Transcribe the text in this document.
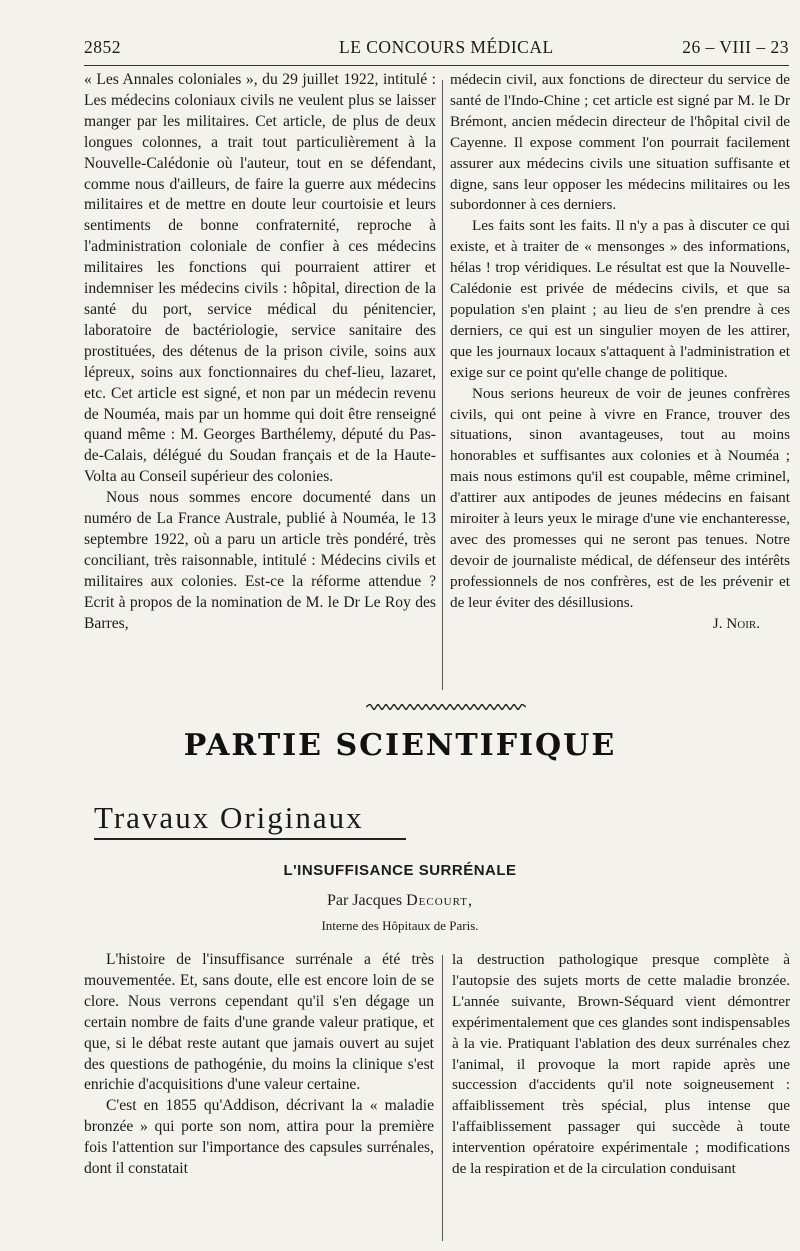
2852	LE CONCOURS MÉDICAL	26 – VIII – 23

« Les Annales coloniales », du 29 juillet 1922, intitulé : Les médecins coloniaux civils ne veulent plus se laisser manger par les militaires. Cet article, de plus de deux longues colonnes, a trait tout particulièrement à la Nouvelle-Calédonie où l'auteur, tout en se défendant, comme nous d'ailleurs, de faire la guerre aux médecins militaires et de mettre en doute leur courtoisie et leurs sentiments de bonne confraternité, reproche à l'administration coloniale de confier à ces médecins militaires les fonctions qui pourraient attirer et indemniser les médecins civils : hôpital, direction de la santé du port, service médical du pénitencier, laboratoire de bactériologie, service sanitaire des prostituées, des détenus de la prison civile, soins aux lépreux, soins aux fonctionnaires du chef-lieu, lazaret, etc. Cet article est signé, et non par un médecin revenu de Nouméa, mais par un homme qui doit être renseigné quand même : M. Georges Barthélemy, député du Pas-de-Calais, délégué du Soudan français et de la Haute-Volta au Conseil supérieur des colonies.

Nous nous sommes encore documenté dans un numéro de La France Australe, publié à Nouméa, le 13 septembre 1922, où a paru un article très pondéré, très conciliant, très raisonnable, intitulé : Médecins civils et militaires aux colonies. Est-ce la réforme attendue ? Ecrit à propos de la nomination de M. le Dr Le Roy des Barres,

médecin civil, aux fonctions de directeur du service de santé de l'Indo-Chine ; cet article est signé par M. le Dr Brémont, ancien médecin directeur de l'hôpital civil de Cayenne. Il expose comment l'on pourrait facilement assurer aux médecins civils une situation suffisante et digne, sans leur opposer les médecins militaires ou les subordonner à ces derniers.

Les faits sont les faits. Il n'y a pas à discuter ce qui existe, et à traiter de « mensonges » des informations, hélas ! trop véridiques. Le résultat est que la Nouvelle-Calédonie est privée de médecins civils, et que sa population s'en plaint ; au lieu de s'en prendre à ces derniers, ce qui est un singulier moyen de les attirer, que les journaux locaux s'attaquent à l'administration et exige sur ce point qu'elle change de politique.

Nous serions heureux de voir de jeunes confrères civils, qui ont peine à vivre en France, trouver des situations, sinon avantageuses, tout au moins honorables et suffisantes aux colonies et à Nouméa ; mais nous estimons qu'il est coupable, même criminel, d'attirer aux antipodes de jeunes médecins en faisant miroiter à leurs yeux le mirage d'une vie enchanteresse, avec des promesses qui ne seront pas tenues. Notre devoir de journaliste médical, de défenseur des intérêts professionnels de nos confrères, est de les prévenir et de leur éviter des désillusions.

J. Noir.

PARTIE SCIENTIFIQUE
Travaux Originaux
L'INSUFFISANCE SURRÉNALE
Par Jacques Decourt,
Interne des Hôpitaux de Paris.

L'histoire de l'insuffisance surrénale a été très mouvementée. Et, sans doute, elle est encore loin de se clore. Nous verrons cependant qu'il s'en dégage un certain nombre de faits d'une grande valeur pratique, et que, si le débat reste autant que jamais ouvert au sujet des questions de pathogénie, du moins la clinique s'est enrichie d'acquisitions d'une valeur certaine.

C'est en 1855 qu'Addison, décrivant la « maladie bronzée » qui porte son nom, attira pour la première fois l'attention sur l'importance des capsules surrénales, dont il constatait

la destruction pathologique presque complète à l'autopsie des sujets morts de cette maladie bronzée. L'année suivante, Brown-Séquard vient démontrer expérimentalement que ces glandes sont indispensables à la vie. Pratiquant l'ablation des deux surrénales chez l'animal, il provoque la mort rapide après une succession d'accidents qu'il note soigneusement : affaiblissement très spécial, plus intense que l'affaiblissement passager qui succède à toute intervention opératoire expérimentale ; modifications de la respiration et de la circulation conduisant
